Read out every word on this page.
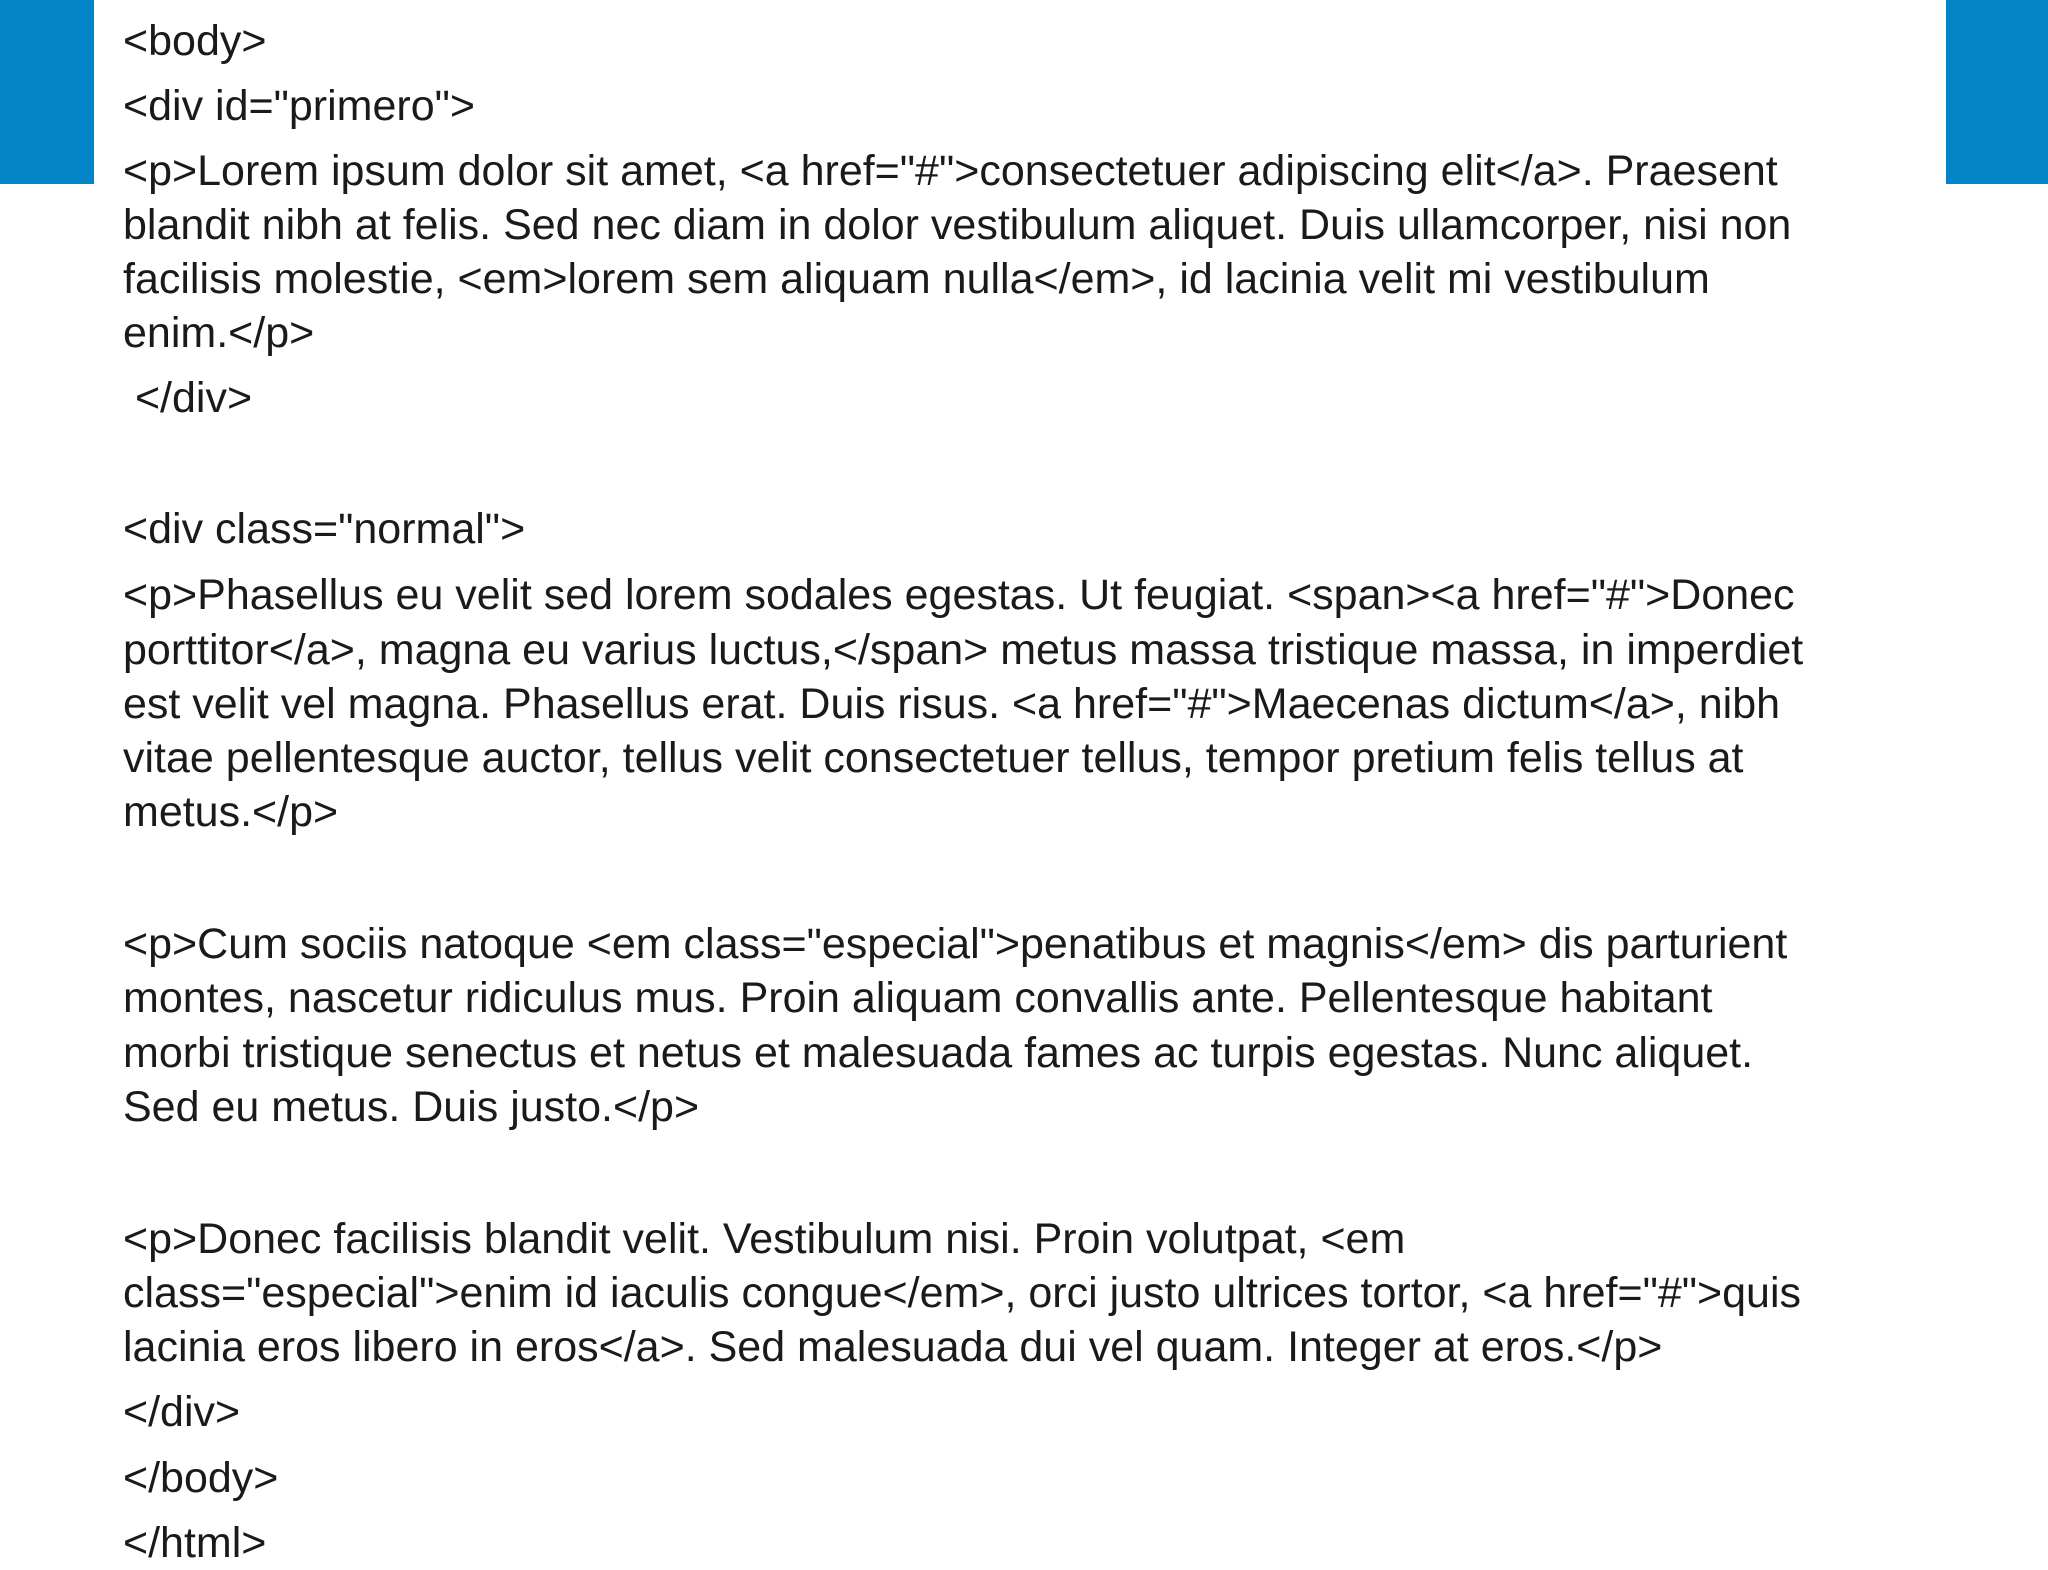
<body>

<div id="primero">

<p>Lorem ipsum dolor sit amet, <a href="#">consectetuer adipiscing elit</a>. Praesent

blandit nibh at felis. Sed nec diam in dolor vestibulum aliquet. Duis ullamcorper, nisi non

facilisis molestie, <em>lorem sem aliquam nulla</em>, id lacinia velit mi vestibulum

enim.</p>

</div>

<div class="normal">

<p>Phasellus eu velit sed lorem sodales egestas. Ut feugiat. <span><a href="#">Donec

porttitor</a>, magna eu varius luctus,</span> metus massa tristique massa, in imperdiet

est velit vel magna. Phasellus erat. Duis risus. <a href="#">Maecenas dictum</a>, nibh

vitae pellentesque auctor, tellus velit consectetuer tellus, tempor pretium felis tellus at

metus.</p>

<p>Cum sociis natoque <em class="especial">penatibus et magnis</em> dis parturient

montes, nascetur ridiculus mus. Proin aliquam convallis ante. Pellentesque habitant

morbi tristique senectus et netus et malesuada fames ac turpis egestas. Nunc aliquet.

Sed eu metus. Duis justo.</p>

<p>Donec facilisis blandit velit. Vestibulum nisi. Proin volutpat, <em

class="especial">enim id iaculis congue</em>, orci justo ultrices tortor, <a href="#">quis

lacinia eros libero in eros</a>. Sed malesuada dui vel quam. Integer at eros.</p>

</div>

</body>

</html>
